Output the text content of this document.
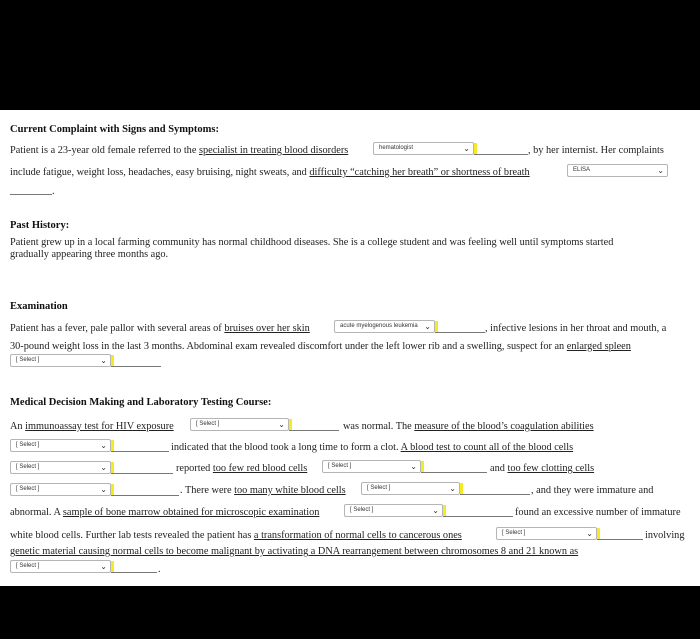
Current Complaint with Signs and Symptoms:
Patient is a 23-year old female referred to the specialist in treating blood disorders	hematologist	⌄	, by her internist. Her complaints
include fatigue, weight loss, headaches, easy bruising, night sweats, and difficulty “catching her breath” or shortness of breath	ELISA	⌄
.
Past History:
Patient grew up in a local farming community has normal childhood diseases. She is a college student and was feeling well until symptoms started
gradually appearing three months ago.
Examination
Patient has a fever, pale pallor with several areas of bruises over her skin	acute myelogenous leukemia ⌄	, infective lesions in her throat and mouth, a
30-pound weight loss in the last 3 months. Abdominal exam revealed discomfort under the left lower rib and a swelling, suspect for an enlarged spleen
[ Select ]	⌄
Medical Decision Making and Laboratory Testing Course:
An immunoassay test for HIV exposure	[ Select ]	⌄	was normal. The measure of the blood’s coagulation abilities
[ Select ]	⌄	indicated that the blood took a long time to form a clot. A blood test to count all of the blood cells
[ Select ]	⌄	reported too few red blood cells	[ Select ]	⌄	and too few clotting cells
[ Select ]	⌄	. There were too many white blood cells	[ Select ]	⌄	, and they were immature and
abnormal. A sample of bone marrow obtained for microscopic examination	[ Select ]	⌄	found an excessive number of immature
white blood cells. Further lab tests revealed the patient has a transformation of normal cells to cancerous ones	[ Select ]	⌄	involving
genetic material causing normal cells to become malignant by activating a DNA rearrangement between chromosomes 8 and 21 known as
[ Select ]	⌄	.
